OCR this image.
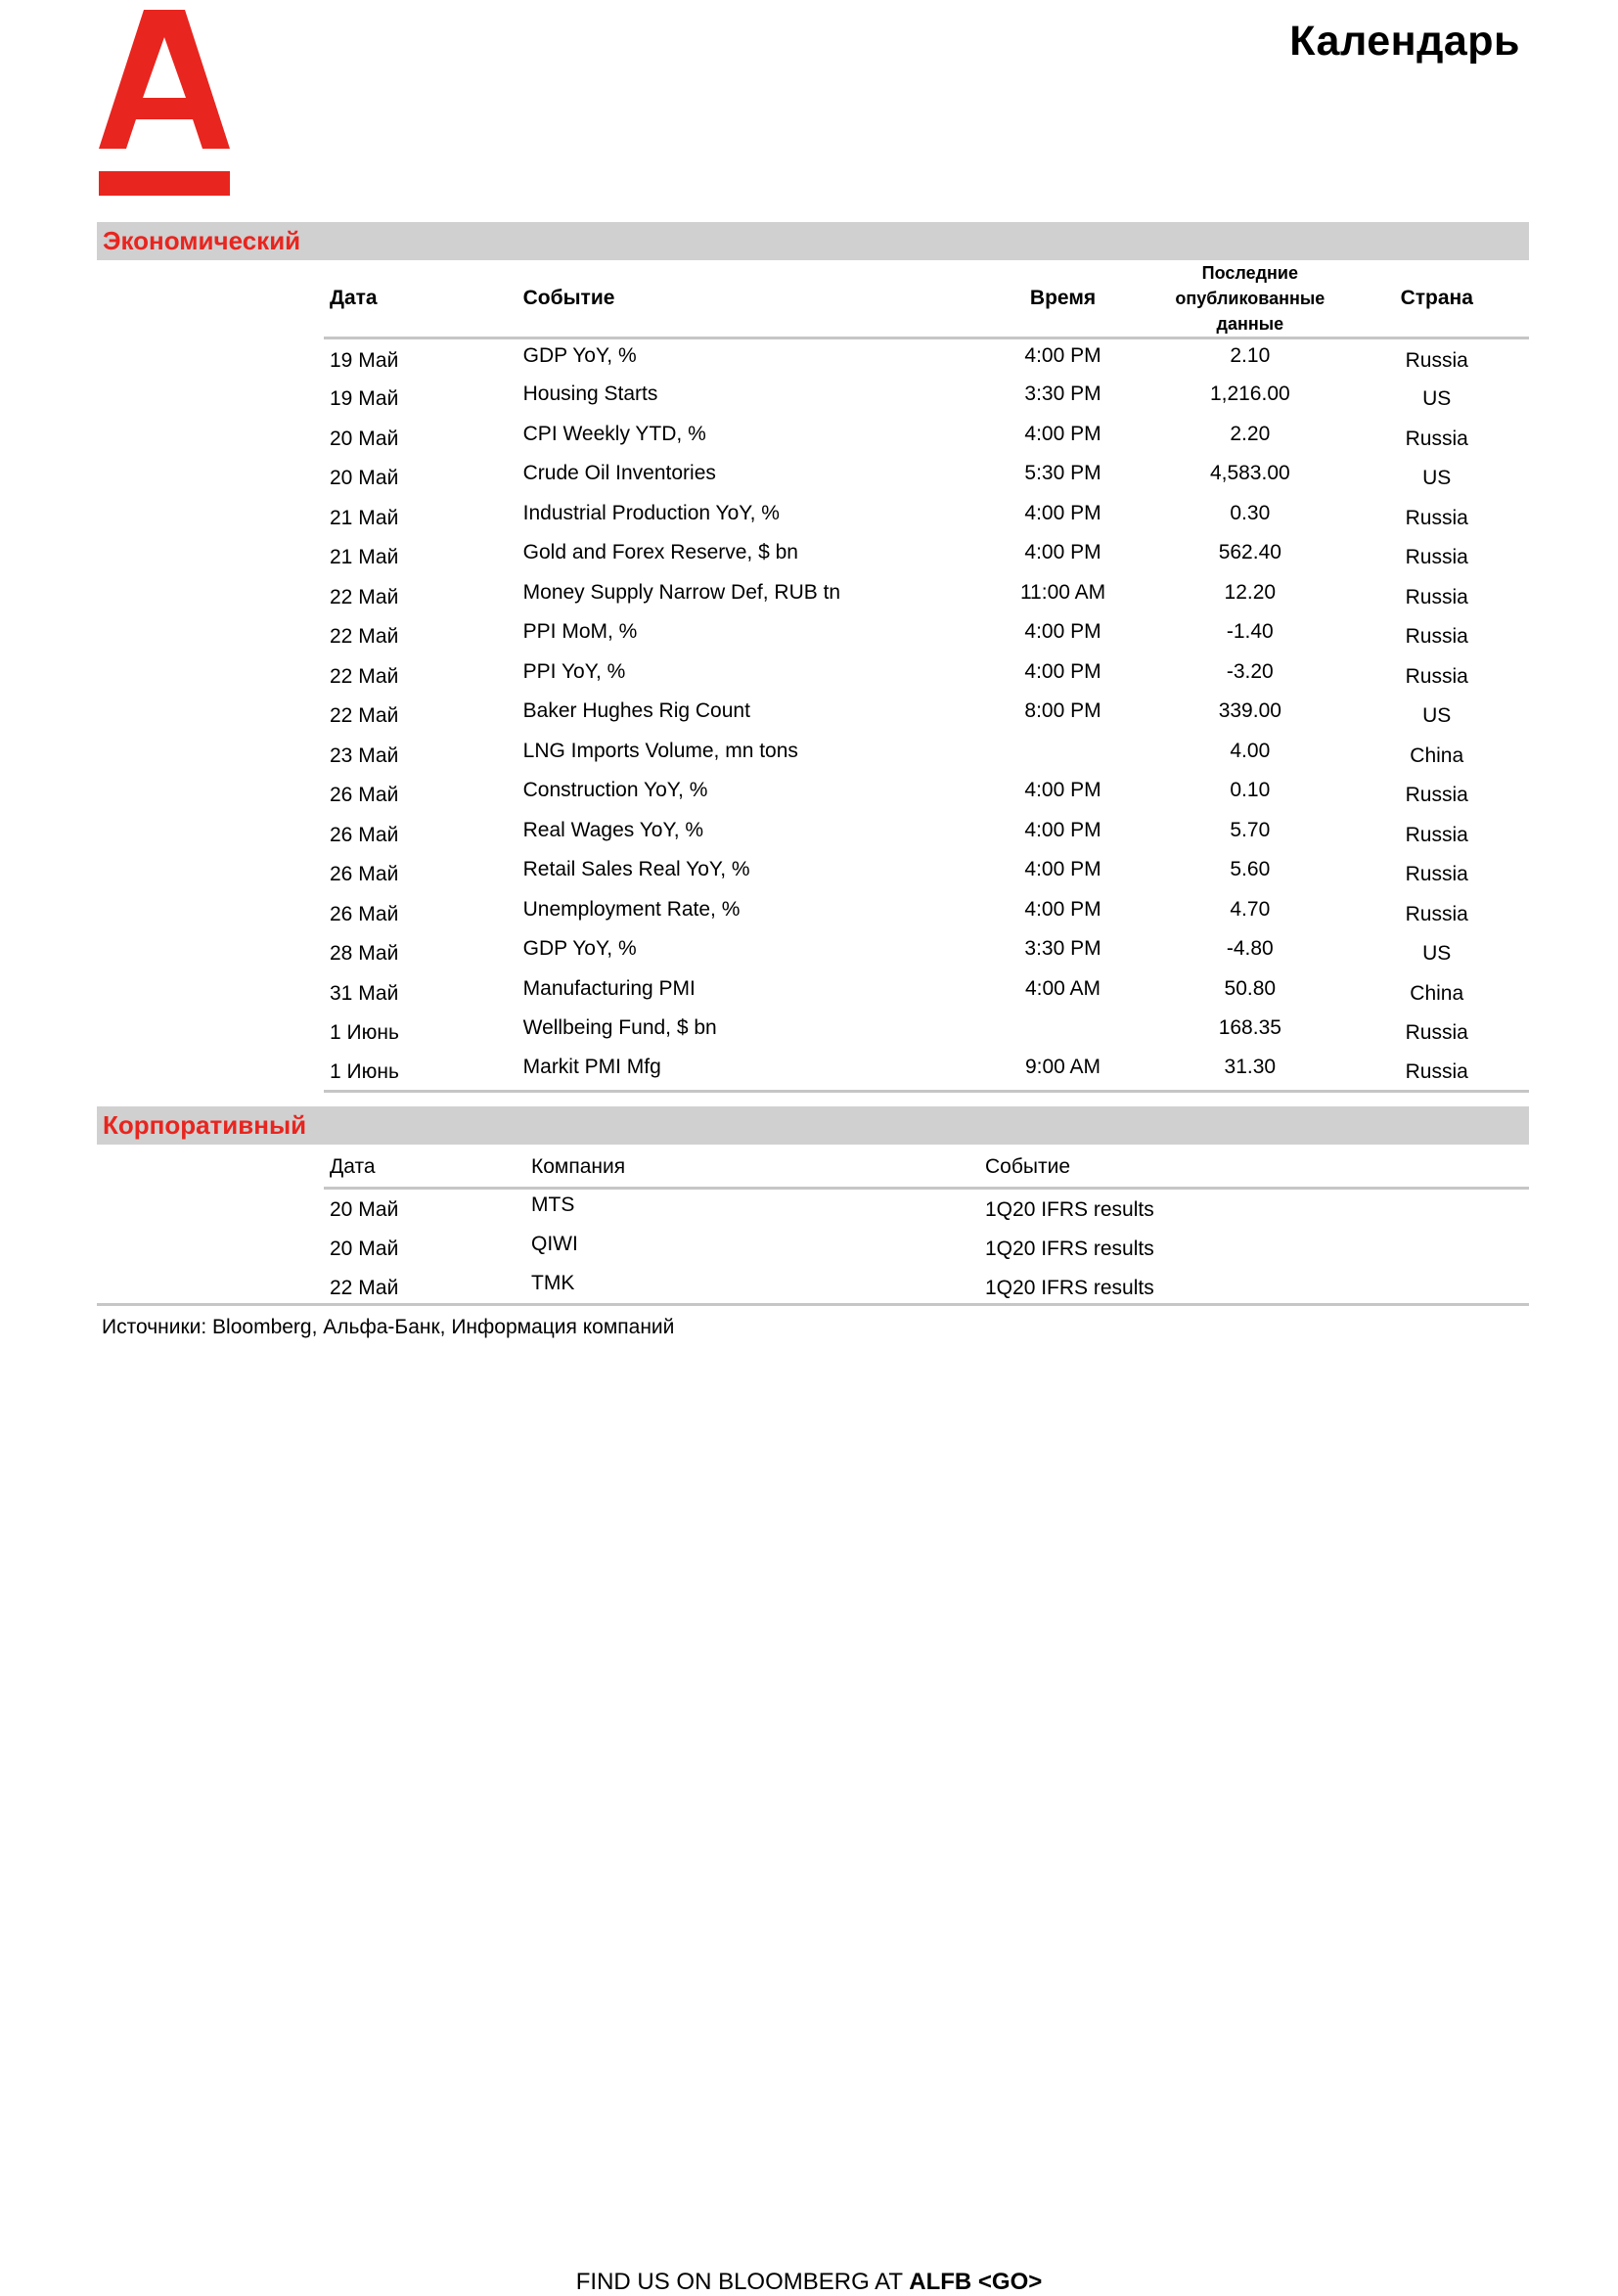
Календарь
Экономический
Дата	Событие	Время	Последние опубликованные данные	Страна
19 Май	GDP YoY, %	4:00 PM	2.10	Russia
19 Май	Housing Starts	3:30 PM	1,216.00	US
20 Май	CPI Weekly YTD, %	4:00 PM	2.20	Russia
20 Май	Crude Oil Inventories	5:30 PM	4,583.00	US
21 Май	Industrial Production YoY, %	4:00 PM	0.30	Russia
21 Май	Gold and Forex Reserve, $ bn	4:00 PM	562.40	Russia
22 Май	Money Supply Narrow Def, RUB tn	11:00 AM	12.20	Russia
22 Май	PPI MoM, %	4:00 PM	-1.40	Russia
22 Май	PPI YoY, %	4:00 PM	-3.20	Russia
22 Май	Baker Hughes Rig Count	8:00 PM	339.00	US
23 Май	LNG Imports Volume, mn tons		4.00	China
26 Май	Construction YoY, %	4:00 PM	0.10	Russia
26 Май	Real Wages YoY, %	4:00 PM	5.70	Russia
26 Май	Retail Sales Real YoY, %	4:00 PM	5.60	Russia
26 Май	Unemployment Rate, %	4:00 PM	4.70	Russia
28 Май	GDP YoY, %	3:30 PM	-4.80	US
31 Май	Manufacturing PMI	4:00 AM	50.80	China
1 Июнь	Wellbeing Fund, $ bn		168.35	Russia
1 Июнь	Markit PMI Mfg	9:00 AM	31.30	Russia
Корпоративный
Дата	Компания	Событие
20 Май	MTS	1Q20 IFRS results
20 Май	QIWI	1Q20 IFRS results
22 Май	TMK	1Q20 IFRS results
Источники: Bloomberg, Альфа-Банк, Информация компаний
FIND US ON BLOOMBERG AT ALFB <GO>
